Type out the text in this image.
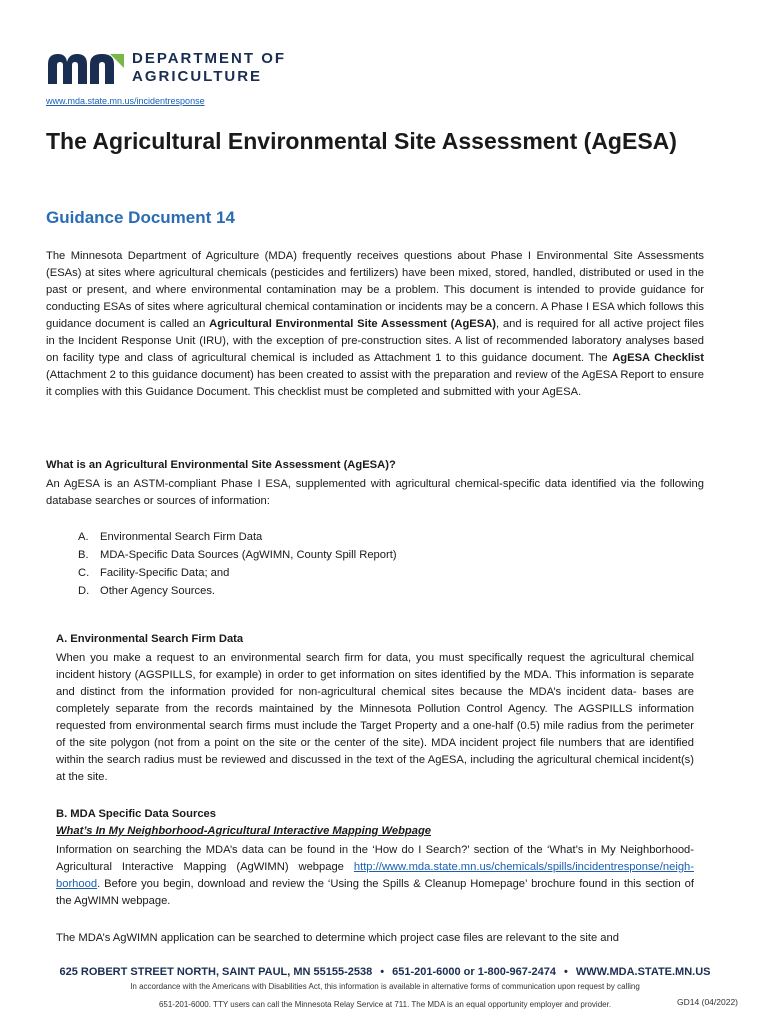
DEPARTMENT OF
AGRICULTURE
www.mda.state.mn.us/incidentresponse
The Agricultural Environmental Site Assessment (AgESA)
Guidance Document 14

The Minnesota Department of Agriculture (MDA) frequently receives questions about Phase I Environmental Site Assessments (ESAs) at sites where agricultural chemicals (pesticides and fertilizers) have been mixed, stored, handled, distributed or used in the past or present, and where environmental contamination may be a problem. This document is intended to provide guidance for conducting ESAs of sites where agricultural chemical contamination or incidents may be a concern. A Phase I ESA which follows this guidance document is called an Agricultural Environmental Site Assessment (AgESA), and is required for all active project files in the Incident Response Unit (IRU), with the exception of pre-construction sites. A list of recommended laboratory analyses based on facility type and class of agricultural chemical is included as Attachment 1 to this guidance document. The AgESA Checklist (Attachment 2 to this guidance document) has been created to assist with the preparation and review of the AgESA Report to ensure it complies with this Guidance Document. This checklist must be completed and submitted with your AgESA.

What is an Agricultural Environmental Site Assessment (AgESA)?

An AgESA is an ASTM-compliant Phase I ESA, supplemented with agricultural chemical-specific data identified via the following database searches or sources of information:

A.	Environmental Search Firm Data
B.	MDA-Specific Data Sources (AgWIMN, County Spill Report)
C. Facility-Specific Data; and
D. Other Agency Sources.

A. Environmental Search Firm Data

When you make a request to an environmental search firm for data, you must specifically request the agricultural chemical incident history (AGSPILLS, for example) in order to get information on sites identified by the MDA. This information is separate and distinct from the information provided for non-agricultural chemical sites because the MDA’s incident data- bases are completely separate from the records maintained by the Minnesota Pollution Control Agency. The AGSPILLS information requested from environmental search firms must include the Target Property and a one-half (0.5) mile radius from the perimeter of the site polygon (not from a point on the site or the center of the site). MDA incident project file numbers that are identified within the search radius must be reviewed and discussed in the text of the AgESA, including the agricultural chemical incident(s) at the site.

B. MDA Specific Data Sources

What’s In My Neighborhood-Agricultural Interactive Mapping Webpage

Information on searching the MDA’s data can be found in the ‘How do I Search?’ section of the ‘What’s in My Neighborhood- Agricultural Interactive Mapping (AgWIMN) webpage http://www.mda.state.mn.us/chemicals/spills/incidentresponse/neigh-borhood. Before you begin, download and review the ‘Using the Spills & Cleanup Homepage’ brochure found in this section of the AgWIMN webpage.

The MDA’s AgWIMN application can be searched to determine which project case files are relevant to the site and

625 ROBERT STREET NORTH, SAINT PAUL, MN 55155-2538 • 651-201-6000 or 1-800-967-2474 • WWW.MDA.STATE.MN.US
In accordance with the Americans with Disabilities Act, this information is available in alternative forms of communication upon request by calling
651-201-6000. TTY users can call the Minnesota Relay Service at 711. The MDA is an equal opportunity employer and provider.	GD14 (04/2022)
